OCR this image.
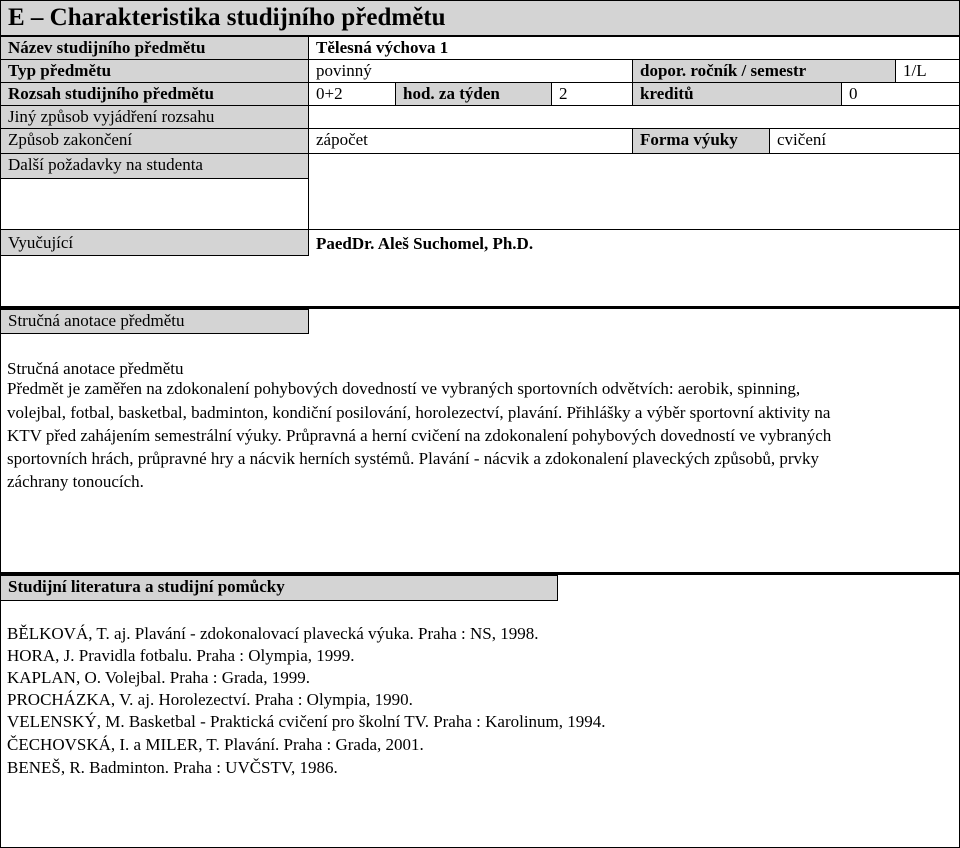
E – Charakteristika studijního předmětu
Název studijního předmětu	Tělesná výchova 1
Typ předmětu	povinný	dopor. ročník / semestr	1/L
Rozsah studijního předmětu	0+2	hod. za týden	2	kreditů	0
Jiný způsob vyjádření rozsahu
Způsob zakončení	zápočet	Forma výuky	cvičení
Další požadavky na studenta
Vyučující	PaedDr. Aleš Suchomel, Ph.D.
Stručná anotace předmětu
Stručná anotace předmětu
Předmět je zaměřen na zdokonalení pohybových dovedností ve vybraných sportovních odvětvích: aerobik, spinning,
volejbal, fotbal, basketbal, badminton, kondiční posilování, horolezectví, plavání. Přihlášky a výběr sportovní aktivity na
KTV před zahájením semestrální výuky. Průpravná a herní cvičení na zdokonalení pohybových dovedností ve vybraných
sportovních hrách, průpravné hry a nácvik herních systémů. Plavání - nácvik a zdokonalení plaveckých způsobů, prvky
záchrany tonoucích.
Studijní literatura a studijní pomůcky
BĚLKOVÁ, T. aj. Plavání - zdokonalovací plavecká výuka. Praha : NS, 1998.
HORA, J. Pravidla fotbalu. Praha : Olympia, 1999.
KAPLAN, O. Volejbal. Praha : Grada, 1999.
PROCHÁZKA, V. aj. Horolezectví. Praha : Olympia, 1990.
VELENSKÝ, M. Basketbal - Praktická cvičení pro školní TV. Praha : Karolinum, 1994.
ČECHOVSKÁ, I. a MILER, T. Plavání. Praha : Grada, 2001.
BENEŠ, R. Badminton. Praha : UVČSTV, 1986.
